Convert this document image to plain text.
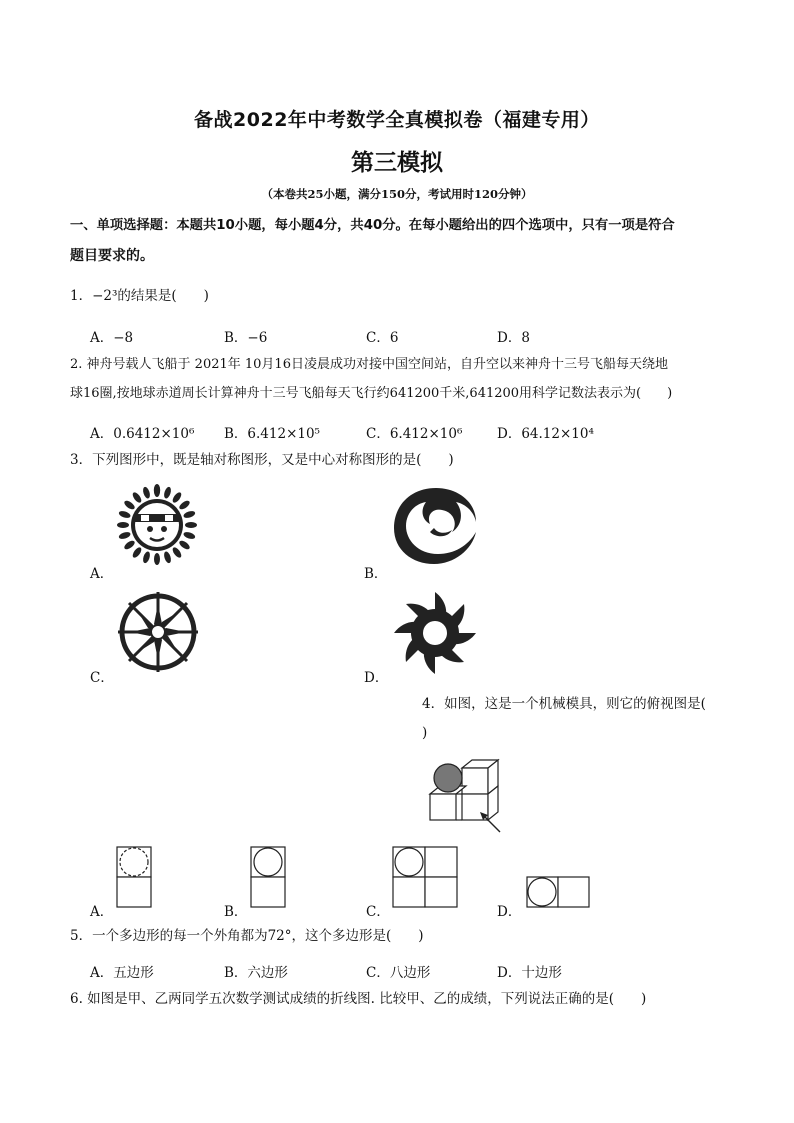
备战2022年中考数学全真模拟卷（福建专用）
第三模拟
（本卷共25小题，满分150分，考试用时120分钟）
一、单项选择题：本题共10小题，每小题4分，共40分。在每小题给出的四个选项中，只有一项是符合
题目要求的。
1．−2³的结果是(　　)
A．−8	B．−6	C．6	D．8
2. 神舟号载人飞船于 2021年 10月16日凌晨成功对接中国空间站，自升空以来神舟十三号飞船每天绕地
球16圈,按地球赤道周长计算神舟十三号飞船每天飞行约641200千米,641200用科学记数法表示为(　　)
A．0.6412×10⁶ B．6.412×10⁵	C．6.412×10⁶	D．64.12×10⁴
3．下列图形中，既是轴对称图形，又是中心对称图形的是(　　)
A．	B．
C．	D．
4．如图，这是一个机械模具，则它的俯视图是(
)
A．	B．	C．	D．
5．一个多边形的每一个外角都为72°，这个多边形是(　　)
A．五边形	B．六边形	C．八边形	D．十边形
6. 如图是甲、乙两同学五次数学测试成绩的折线图. 比较甲、乙的成绩，下列说法正确的是(　　)
